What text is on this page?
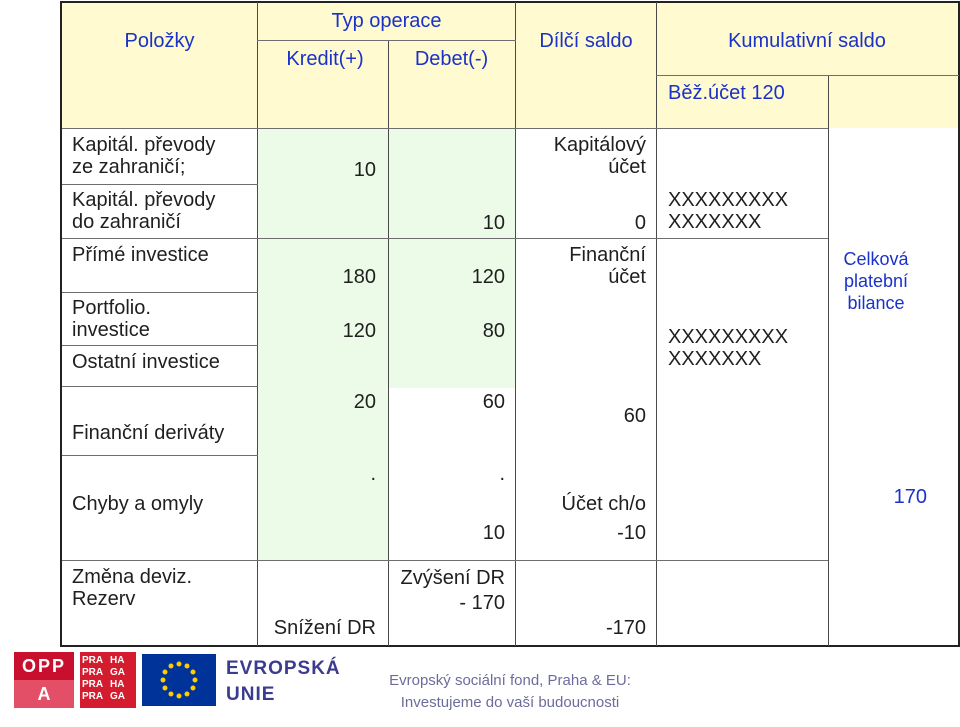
Položky
Typ operace
Kredit(+)	Debet(-)
Dílčí saldo	Kumulativní saldo
Běž.účet 120
Kapitál. převody
ze zahraničí;
Kapitál. převody
do zahraničí
Přímé investice
Portfolio.
investice
Ostatní investice
Finanční deriváty
Chyby a omyly
Změna deviz.
Rezerv
10
180
120
20
.
Snížení DR
10
120
80
60
.
10
Zvýšení DR
- 170
Kapitálový
účet
0
Finanční
účet
60
Účet ch/o
-10
-170
XXXXXXXXX
XXXXXXX
XXXXXXXXX
XXXXXXX
Celková
platební
bilance
170
OPP
A
PRA HA
PRA GA
PRA HA
PRA GA
EVROPSKÁ
UNIE
Evropský sociální fond, Praha & EU:
Investujeme do vaší budoucnosti
